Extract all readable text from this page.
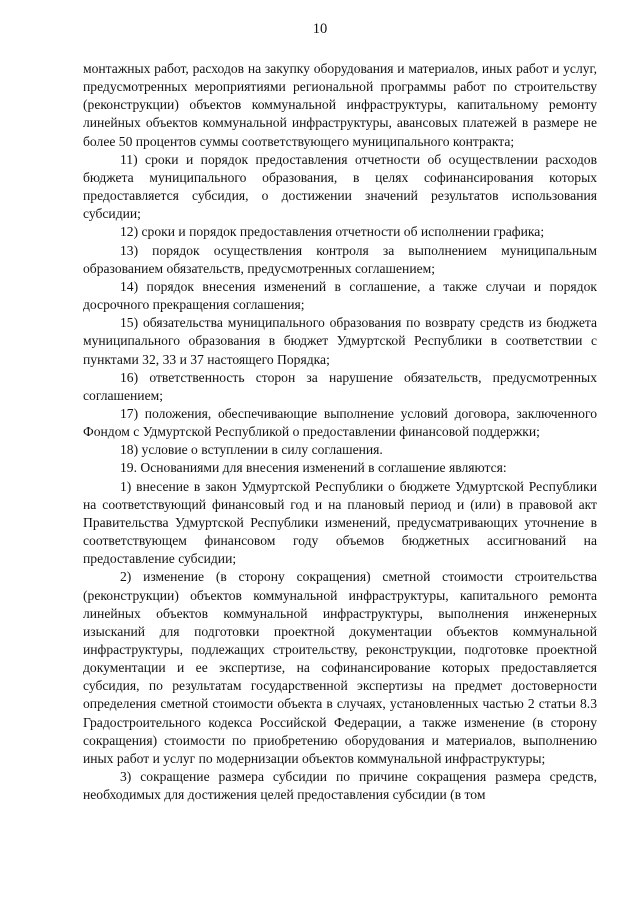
10

монтажных работ, расходов на закупку оборудования и материалов, иных работ и услуг, предусмотренных мероприятиями региональной программы работ по строительству (реконструкции) объектов коммунальной инфраструктуры, капитальному ремонту линейных объектов коммунальной инфраструктуры, авансовых платежей в размере не более 50 процентов суммы соответствующего муниципального контракта;

11) сроки и порядок предоставления отчетности об осуществлении расходов бюджета муниципального образования, в целях софинансирования которых предоставляется субсидия, о достижении значений результатов использования субсидии;

12) сроки и порядок предоставления отчетности об исполнении графика;

13) порядок осуществления контроля за выполнением муниципальным образованием обязательств, предусмотренных соглашением;

14) порядок внесения изменений в соглашение, а также случаи и порядок досрочного прекращения соглашения;

15) обязательства муниципального образования по возврату средств из бюджета муниципального образования в бюджет Удмуртской Республики в соответствии с пунктами 32, 33 и 37 настоящего Порядка;

16) ответственность сторон за нарушение обязательств, предусмотренных соглашением;

17) положения, обеспечивающие выполнение условий договора, заключенного Фондом с Удмуртской Республикой о предоставлении финансовой поддержки;

18) условие о вступлении в силу соглашения.

19. Основаниями для внесения изменений в соглашение являются:

1) внесение в закон Удмуртской Республики о бюджете Удмуртской Республики на соответствующий финансовый год и на плановый период и (или) в правовой акт Правительства Удмуртской Республики изменений, предусматривающих уточнение в соответствующем финансовом году объемов бюджетных ассигнований на предоставление субсидии;

2) изменение (в сторону сокращения) сметной стоимости строительства (реконструкции) объектов коммунальной инфраструктуры, капитального ремонта линейных объектов коммунальной инфраструктуры, выполнения инженерных изысканий для подготовки проектной документации объектов коммунальной инфраструктуры, подлежащих строительству, реконструкции, подготовке проектной документации и ее экспертизе, на софинансирование которых предоставляется субсидия, по результатам государственной экспертизы на предмет достоверности определения сметной стоимости объекта в случаях, установленных частью 2 статьи 8.3 Градостроительного кодекса Российской Федерации, а также изменение (в сторону сокращения) стоимости по приобретению оборудования и материалов, выполнению иных работ и услуг по модернизации объектов коммунальной инфраструктуры;

3) сокращение размера субсидии по причине сокращения размера средств, необходимых для достижения целей предоставления субсидии (в том
